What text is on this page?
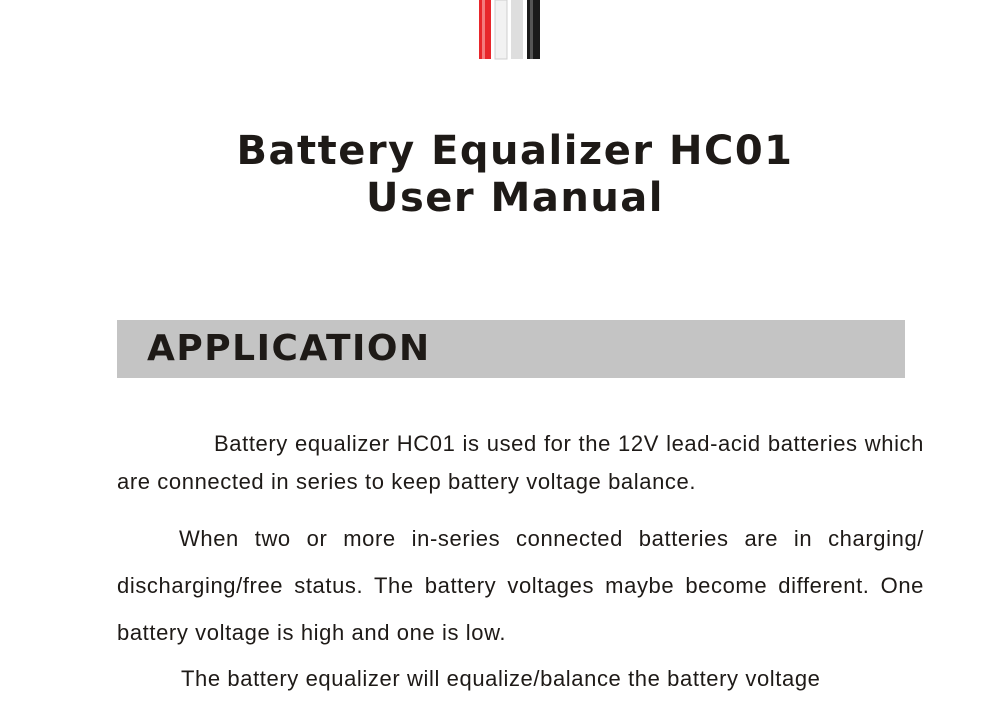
Battery Equalizer HC01
User Manual
APPLICATION

Battery equalizer HC01 is used for the 12V lead-acid batteries which are connected in series to keep battery voltage balance.

When two or more in-series connected batteries are in charging/ discharging/free status. The battery voltages maybe become different. One battery voltage is high and one is low.

The battery equalizer will equalize/balance the battery voltage
